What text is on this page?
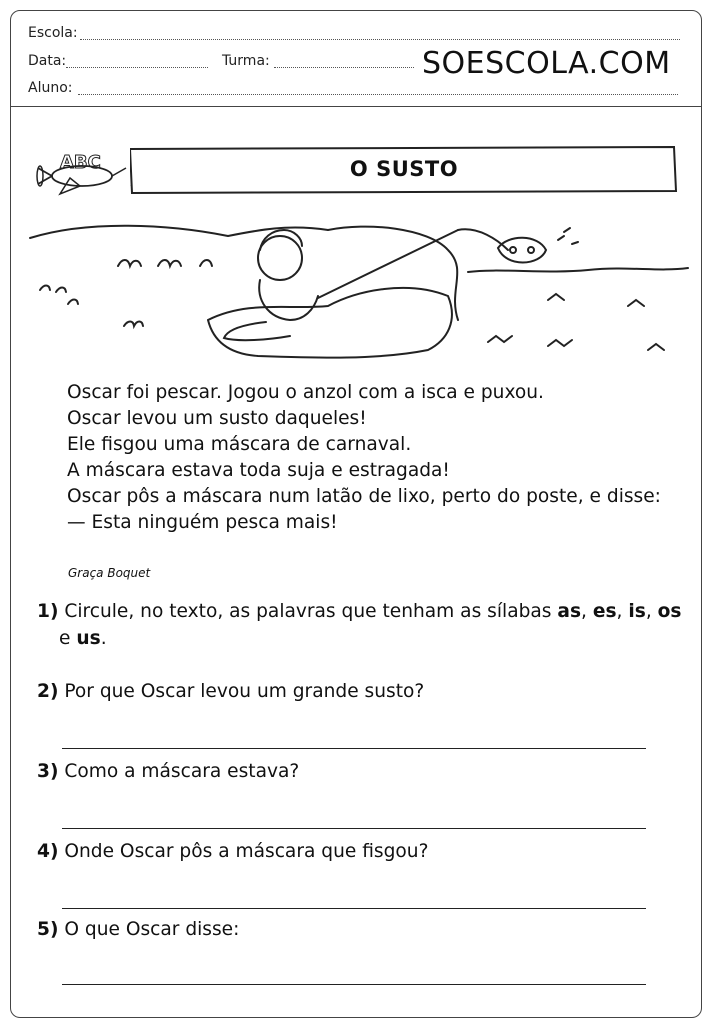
Escola:
Data:	Turma:
Aluno:
SOESCOLA.COM
ABC	O SUSTO
Oscar foi pescar. Jogou o anzol com a isca e puxou.
Oscar levou um susto daqueles!
Ele fisgou uma máscara de carnaval.
A máscara estava toda suja e estragada!
Oscar pôs a máscara num latão de lixo, perto do poste, e disse:
— Esta ninguém pesca mais!
Graça Boquet
1) Circule, no texto, as palavras que tenham as sílabas as, es, is, os
e us.
2) Por que Oscar levou um grande susto?
3) Como a máscara estava?
4) Onde Oscar pôs a máscara que fisgou?
5) O que Oscar disse:
